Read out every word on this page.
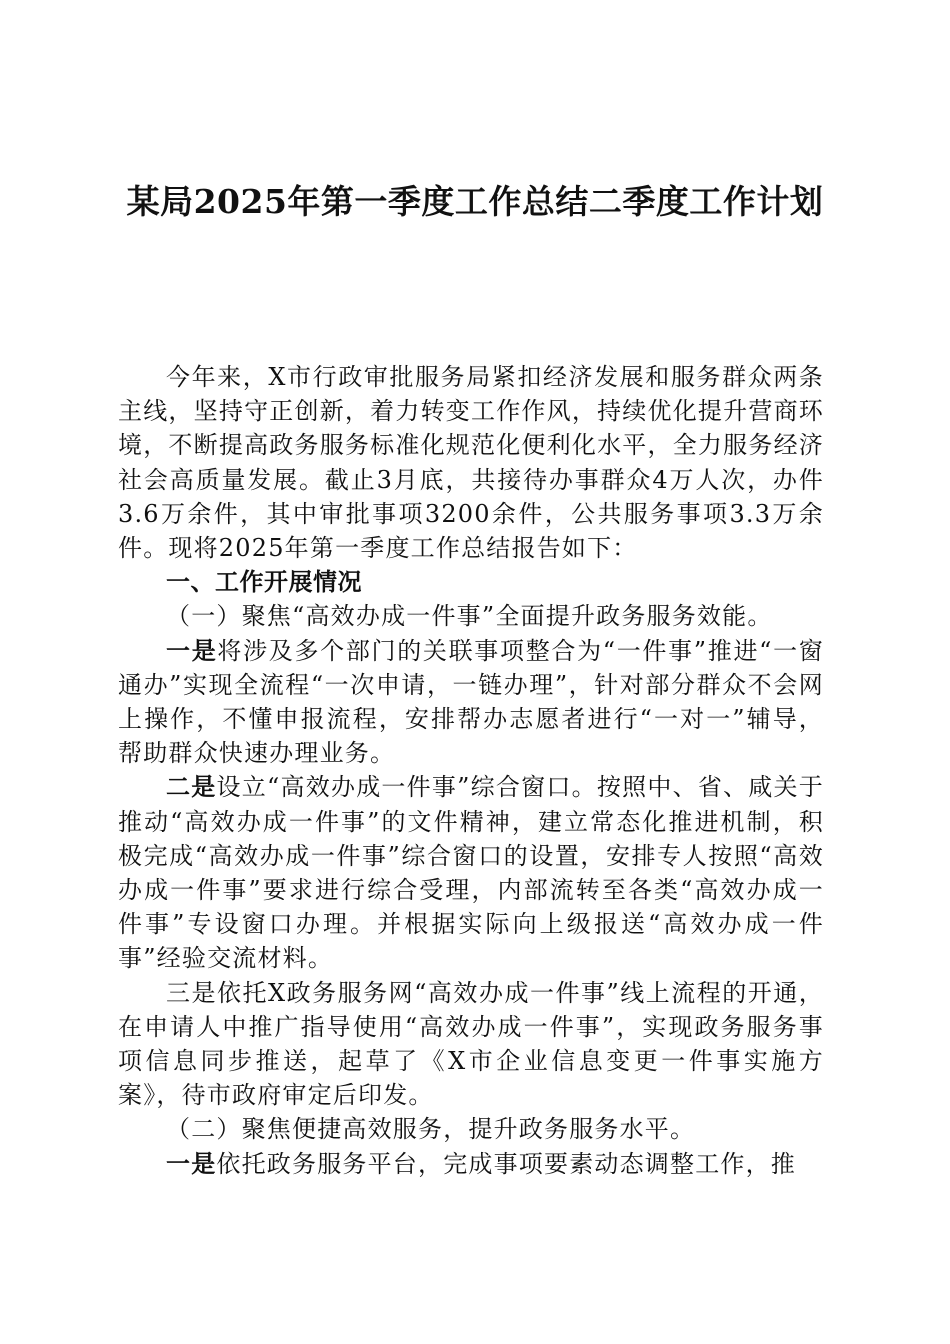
某局2025年第一季度工作总结二季度工作计划

今年来，X市行政审批服务局紧扣经济发展和服务群众两条主线，坚持守正创新，着力转变工作作风，持续优化提升营商环境，不断提高政务服务标准化规范化便利化水平，全力服务经济社会高质量发展。截止3月底，共接待办事群众4万人次，办件3.6万余件，其中审批事项3200余件，公共服务事项3.3万余件。现将2025年第一季度工作总结报告如下：

一、工作开展情况

（一）聚焦“高效办成一件事”全面提升政务服务效能。

一是将涉及多个部门的关联事项整合为“一件事”推进“一窗通办”实现全流程“一次申请，一链办理”，针对部分群众不会网上操作，不懂申报流程，安排帮办志愿者进行“一对一”辅导，帮助群众快速办理业务。

二是设立“高效办成一件事”综合窗口。按照中、省、咸关于推动“高效办成一件事”的文件精神，建立常态化推进机制，积极完成“高效办成一件事”综合窗口的设置，安排专人按照“高效办成一件事”要求进行综合受理，内部流转至各类“高效办成一件事”专设窗口办理。并根据实际向上级报送“高效办成一件事”经验交流材料。

三是依托X政务服务网“高效办成一件事”线上流程的开通，在申请人中推广指导使用“高效办成一件事”，实现政务服务事项信息同步推送，起草了《X市企业信息变更一件事实施方案》，待市政府审定后印发。

（二）聚焦便捷高效服务，提升政务服务水平。

一是依托政务服务平台，完成事项要素动态调整工作，推
